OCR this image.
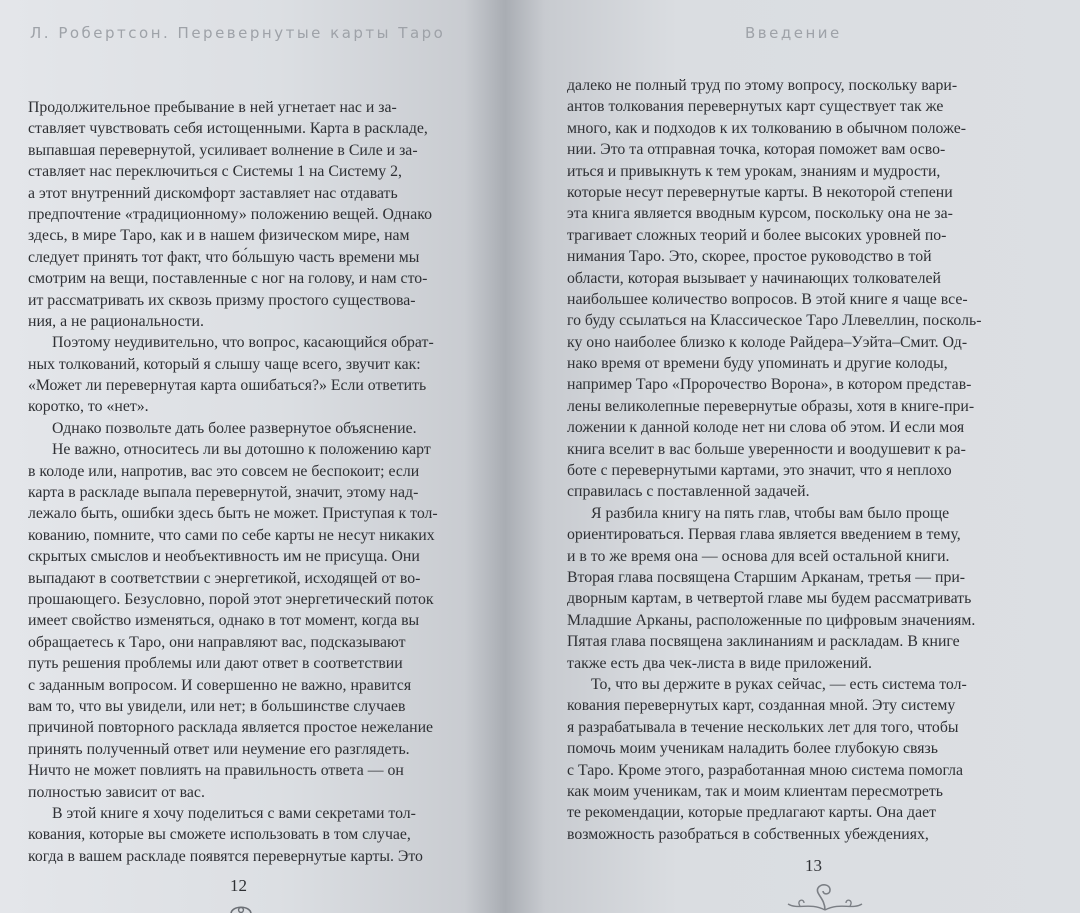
Л. Робертсон. Перевернутые карты Таро
Продолжительное пребывание в ней угнетает нас и за-
ставляет чувствовать себя истощенными. Карта в раскладе,
выпавшая перевернутой, усиливает волнение в Силе и за-
ставляет нас переключиться с Системы 1 на Систему 2,
а этот внутренний дискомфорт заставляет нас отдавать
предпочтение «традиционному» положению вещей. Однако
здесь, в мире Таро, как и в нашем физическом мире, нам
следует принять тот факт, что бо́льшую часть времени мы
смотрим на вещи, поставленные с ног на голову, и нам сто-
ит рассматривать их сквозь призму простого существова-
ния, а не рациональности.
Поэтому неудивительно, что вопрос, касающийся обрат-
ных толкований, который я слышу чаще всего, звучит как:
«Может ли перевернутая карта ошибаться?» Если ответить
коротко, то «нет».
Однако позвольте дать более развернутое объяснение.
Не важно, относитесь ли вы дотошно к положению карт
в колоде или, напротив, вас это совсем не беспокоит; если
карта в раскладе выпала перевернутой, значит, этому над-
лежало быть, ошибки здесь быть не может. Приступая к тол-
кованию, помните, что сами по себе карты не несут никаких
скрытых смыслов и необъективность им не присуща. Они
выпадают в соответствии с энергетикой, исходящей от во-
прошающего. Безусловно, порой этот энергетический поток
имеет свойство изменяться, однако в тот момент, когда вы
обращаетесь к Таро, они направляют вас, подсказывают
путь решения проблемы или дают ответ в соответствии
с заданным вопросом. И совершенно не важно, нравится
вам то, что вы увидели, или нет; в большинстве случаев
причиной повторного расклада является простое нежелание
принять полученный ответ или неумение его разглядеть.
Ничто не может повлиять на правильность ответа — он
полностью зависит от вас.
В этой книге я хочу поделиться с вами секретами тол-
кования, которые вы сможете использовать в том случае,
когда в вашем раскладе появятся перевернутые карты. Это
12
Введение
далеко не полный труд по этому вопросу, поскольку вари-
антов толкования перевернутых карт существует так же
много, как и подходов к их толкованию в обычном положе-
нии. Это та отправная точка, которая поможет вам осво-
иться и привыкнуть к тем урокам, знаниям и мудрости,
которые несут перевернутые карты. В некоторой степени
эта книга является вводным курсом, поскольку она не за-
трагивает сложных теорий и более высоких уровней по-
нимания Таро. Это, скорее, простое руководство в той
области, которая вызывает у начинающих толкователей
наибольшее количество вопросов. В этой книге я чаще все-
го буду ссылаться на Классическое Таро Ллевеллин, посколь-
ку оно наиболее близко к колоде Райдера–Уэйта–Смит. Од-
нако время от времени буду упоминать и другие колоды,
например Таро «Пророчество Ворона», в котором представ-
лены великолепные перевернутые образы, хотя в книге-при-
ложении к данной колоде нет ни слова об этом. И если моя
книга вселит в вас больше уверенности и воодушевит к ра-
боте с перевернутыми картами, это значит, что я неплохо
справилась с поставленной задачей.
Я разбила книгу на пять глав, чтобы вам было проще
ориентироваться. Первая глава является введением в тему,
и в то же время она — основа для всей остальной книги.
Вторая глава посвящена Старшим Арканам, третья — при-
дворным картам, в четвертой главе мы будем рассматривать
Младшие Арканы, расположенные по цифровым значениям.
Пятая глава посвящена заклинаниям и раскладам. В книге
также есть два чек-листа в виде приложений.
То, что вы держите в руках сейчас, — есть система тол-
кования перевернутых карт, созданная мной. Эту систему
я разрабатывала в течение нескольких лет для того, чтобы
помочь моим ученикам наладить более глубокую связь
с Таро. Кроме этого, разработанная мною система помогла
как моим ученикам, так и моим клиентам пересмотреть
те рекомендации, которые предлагают карты. Она дает
возможность разобраться в собственных убеждениях,
13
